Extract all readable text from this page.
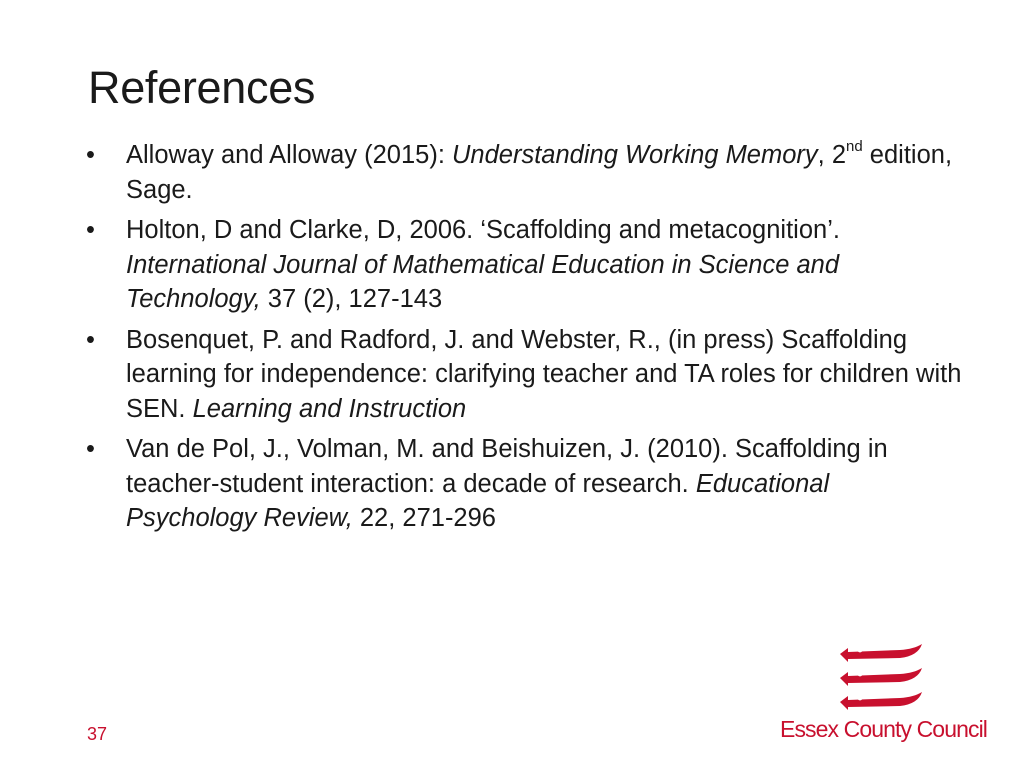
References
• Alloway and Alloway (2015): Understanding Working Memory, 2nd edition, Sage.
• Holton, D and Clarke, D, 2006. ‘Scaffolding and metacognition’. International Journal of Mathematical Education in Science and Technology, 37 (2), 127-143
• Bosenquet, P. and Radford, J. and Webster, R., (in press) Scaffolding learning for independence: clarifying teacher and TA roles for children with SEN. Learning and Instruction
• Van de Pol, J., Volman, M. and Beishuizen, J. (2010). Scaffolding in teacher-student interaction: a decade of research. Educational Psychology Review, 22, 271-296
37	Essex County Council
